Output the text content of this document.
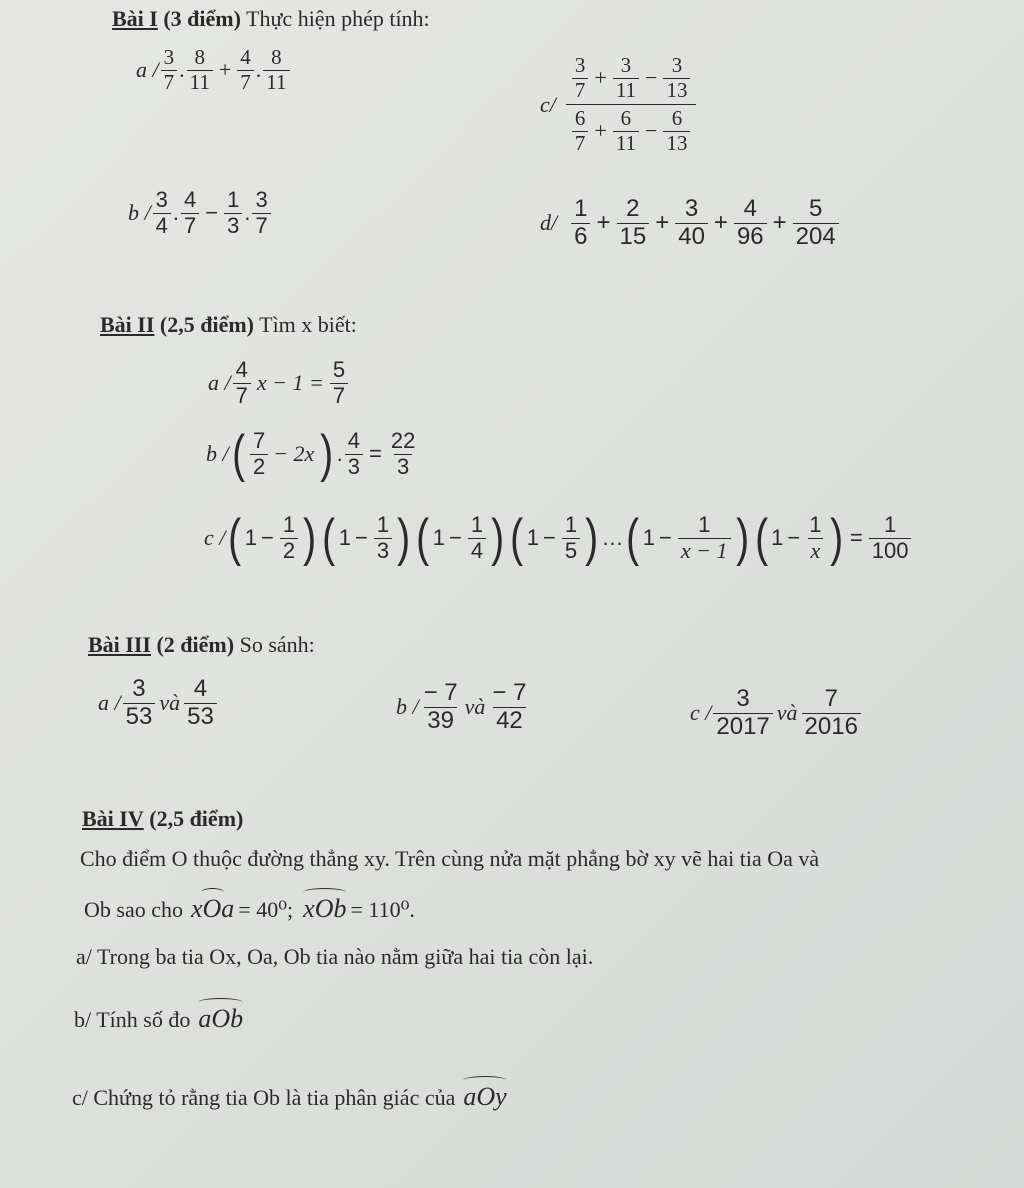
Bài I (3 điểm) Thực hiện phép tính:
a / $\frac{3}{7}$ . $\frac{8}{11} + \frac{4}{7}$ . $\frac{8}{11}$
c/
$\frac{3}{7} + \frac{3}{11} - \frac{3}{13}$
$\frac{6}{7} + \frac{6}{11} - \frac{6}{13}$
b / $\frac{3}{4}$ . $\frac{4}{7} - \frac{1}{3}$ . $\frac{3}{7}$	$d/ \frac{1}{6} + \frac{2}{15} + \frac{3}{40} + \frac{4}{96} + \frac{5}{204}$
Bài II (2,5 điểm) Tìm x biết:
a / $\frac{4}{7}$ $x - 1 = \frac{5}{7}$
b / ( $\frac{7}{2} - 2x$ ) . $\frac{4}{3} = \frac{22}{3}$
c / ( $1 - \frac{1}{2}$ ) ( $1 - \frac{1}{3}$ ) ( $1 - \frac{1}{4}$ ) ( $1 - \frac{1}{5}$ ) … ( $1 - \frac{1}{x - 1}$ ) ( $1 - \frac{1}{x}$ ) = $\frac{1}{100}$
Bài III (2 điểm) So sánh:
a / $\frac{3}{53}$ và $\frac{4}{53}$	b / $\frac{- 7}{39}$ và $\frac{- 7}{42}$	c / $\frac{3}{2017}$ và $\frac{7}{2016}$
Bài IV (2,5 điểm)
Cho điểm O thuộc đường thẳng xy. Trên cùng nửa mặt phẳng bờ xy vẽ hai tia Oa và
Ob sao cho xOa = 40⁰; xOb = 110⁰.
a/ Trong ba tia Ox, Oa, Ob tia nào nằm giữa hai tia còn lại.
b/ Tính số đo aOb
c/ Chứng tỏ rằng tia Ob là tia phân giác của aOy
